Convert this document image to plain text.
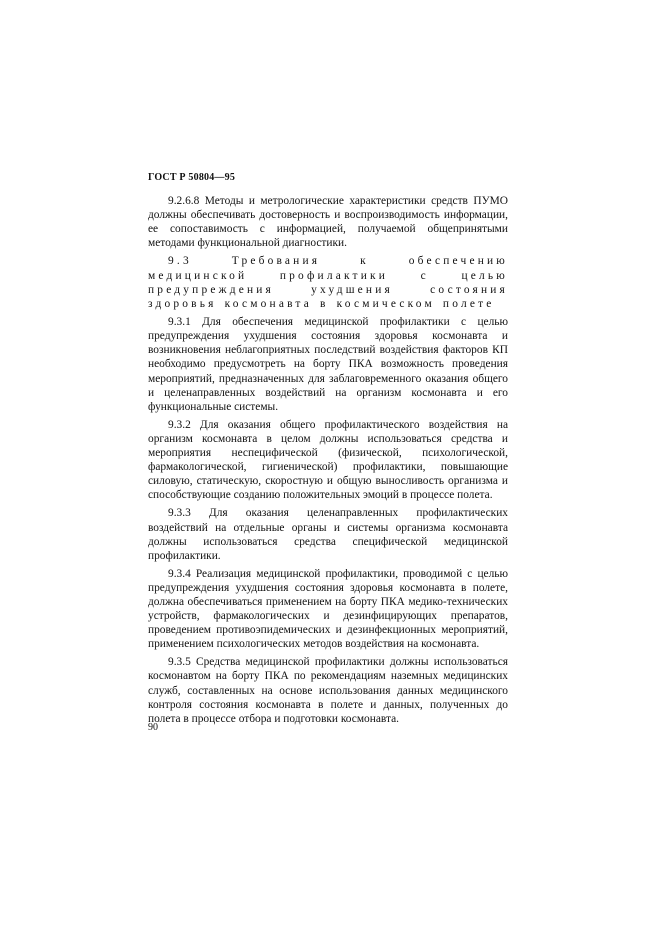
ГОСТ Р 50804—95

9.2.6.8 Методы и метрологические характеристики средств ПУМО должны обеспечивать достоверность и воспроизводимость информации, ее сопоставимость с информацией, получаемой общепринятыми методами функциональной диагностики.

9.3 Требования к обеспечению медицинской профилактики с целью предупреждения ухудшения состояния здоровья космонавта в космическом полете

9.3.1 Для обеспечения медицинской профилактики с целью предупреждения ухудшения состояния здоровья космонавта и возникновения неблагоприятных последствий воздействия факторов КП необходимо предусмотреть на борту ПКА возможность проведения мероприятий, предназначенных для заблаговременного оказания общего и целенаправленных воздействий на организм космонавта и его функциональные системы.

9.3.2 Для оказания общего профилактического воздействия на организм космонавта в целом должны использоваться средства и мероприятия неспецифической (физической, психологической, фармакологической, гигиенической) профилактики, повышающие силовую, статическую, скоростную и общую выносливость организма и способствующие созданию положительных эмоций в процессе полета.

9.3.3 Для оказания целенаправленных профилактических воздействий на отдельные органы и системы организма космонавта должны использоваться средства специфической медицинской профилактики.

9.3.4 Реализация медицинской профилактики, проводимой с целью предупреждения ухудшения состояния здоровья космонавта в полете, должна обеспечиваться применением на борту ПКА медико-технических устройств, фармакологических и дезинфицирующих препаратов, проведением противоэпидемических и дезинфекционных мероприятий, применением психологических методов воздействия на космонавта.

9.3.5 Средства медицинской профилактики должны использоваться космонавтом на борту ПКА по рекомендациям наземных медицинских служб, составленных на основе использования данных медицинского контроля состояния космонавта в полете и данных, полученных до полета в процессе отбора и подготовки космонавта.

90
